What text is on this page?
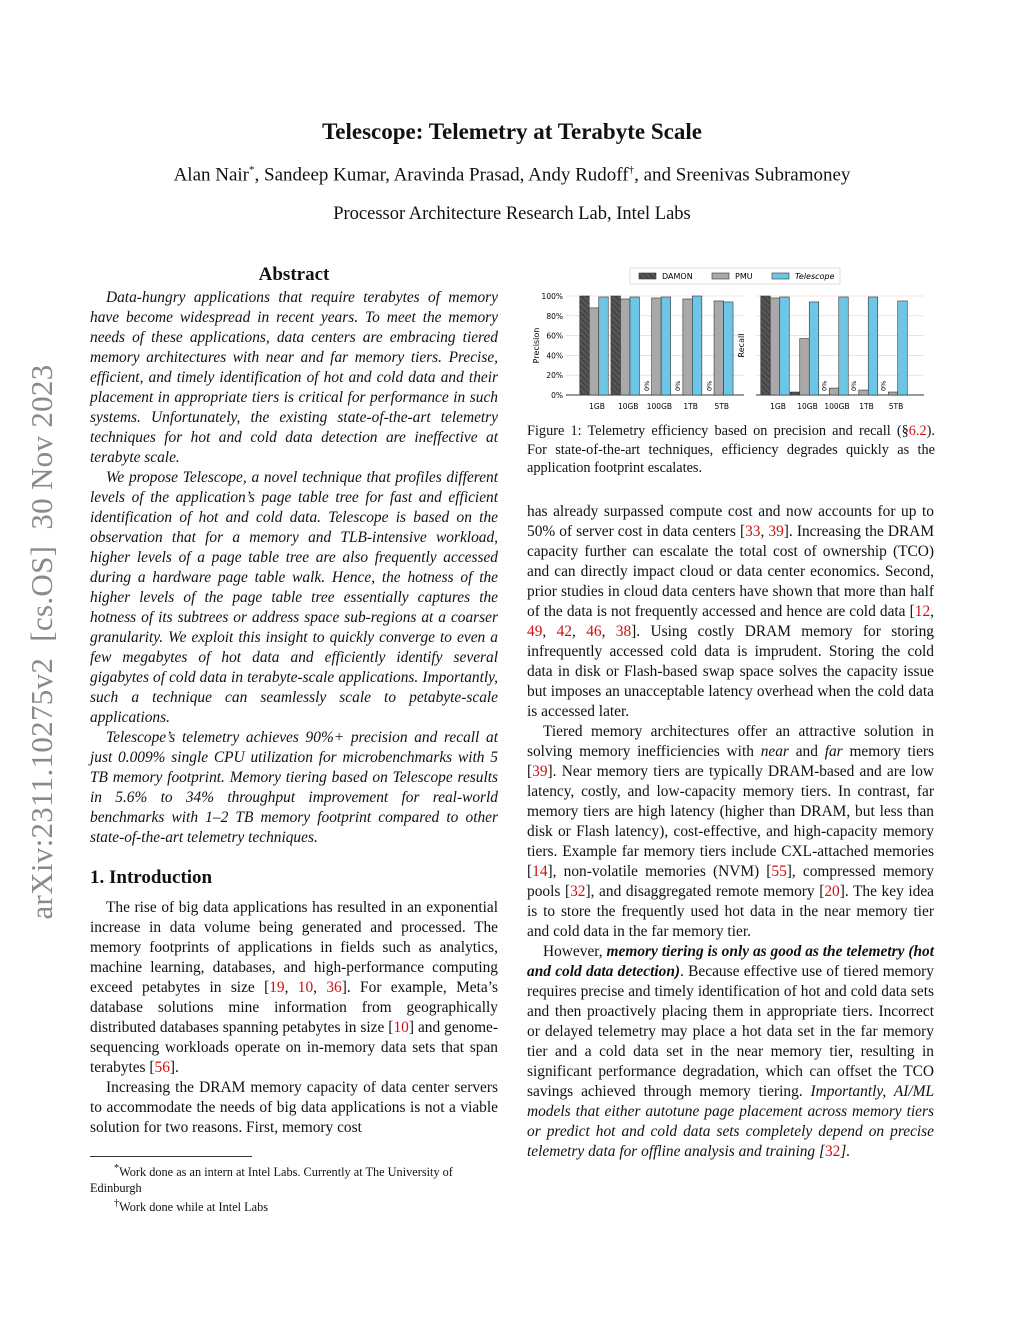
arXiv:2311.10275v2  [cs.OS]  30 Nov 2023
Telescope: Telemetry at Terabyte Scale
Alan Nair*, Sandeep Kumar, Aravinda Prasad, Andy Rudoff†, and Sreenivas Subramoney
Processor Architecture Research Lab, Intel Labs
Abstract

Data-hungry applications that require terabytes of memory have become widespread in recent years. To meet the memory needs of these applications, data centers are embracing tiered memory architectures with near and far memory tiers. Precise, efficient, and timely identification of hot and cold data and their placement in appropriate tiers is critical for performance in such systems. Unfortunately, the existing state-of-the-art telemetry techniques for hot and cold data detection are ineffective at terabyte scale.

We propose Telescope, a novel technique that profiles different levels of the application’s page table tree for fast and efficient identification of hot and cold data. Telescope is based on the observation that for a memory and TLB-intensive workload, higher levels of a page table tree are also frequently accessed during a hardware page table walk. Hence, the hotness of the higher levels of the page table tree essentially captures the hotness of its subtrees or address space sub-regions at a coarser granularity. We exploit this insight to quickly converge to even a few megabytes of hot data and efficiently identify several gigabytes of cold data in terabyte-scale applications. Importantly, such a technique can seamlessly scale to petabyte-scale applications.

Telescope’s telemetry achieves 90%+ precision and recall at just 0.009% single CPU utilization for microbenchmarks with 5 TB memory footprint. Memory tiering based on Telescope results in 5.6% to 34% throughput improvement for real-world benchmarks with 1–2 TB memory footprint compared to other state-of-the-art telemetry techniques.

1. Introduction

The rise of big data applications has resulted in an exponential increase in data volume being generated and processed. The memory footprints of applications in fields such as analytics, machine learning, databases, and high-performance computing exceed petabytes in size [19, 10, 36]. For example, Meta’s database solutions mine information from geographically distributed databases spanning petabytes in size [10] and genome-sequencing workloads operate on in-memory data sets that span terabytes [56].

Increasing the DRAM memory capacity of data center servers to accommodate the needs of big data applications is not a viable solution for two reasons. First, memory cost

*Work done as an intern at Intel Labs. Currently at The University of Edinburgh
†Work done while at Intel Labs
DAMON	PMU	Telescope
0%
20%
40%
60%
80%
100%
Precision
1GB 10GB 100GB
0%
1TB
0%
5TB
0%
Recall
1GB 10GB 100GB
0%
1TB
0%
5TB
0%
Figure 1: Telemetry efficiency based on precision and recall (§6.2). For state-of-the-art techniques, efficiency degrades quickly as the application footprint escalates.

has already surpassed compute cost and now accounts for up to 50% of server cost in data centers [33, 39]. Increasing the DRAM capacity further can escalate the total cost of ownership (TCO) and can directly impact cloud or data center economics. Second, prior studies in cloud data centers have shown that more than half of the data is not frequently accessed and hence are cold data [12, 49, 42, 46, 38]. Using costly DRAM memory for storing infrequently accessed cold data is imprudent. Storing the cold data in disk or Flash-based swap space solves the capacity issue but imposes an unacceptable latency overhead when the cold data is accessed later.

Tiered memory architectures offer an attractive solution in solving memory inefficiencies with near and far memory tiers [39]. Near memory tiers are typically DRAM-based and are low latency, costly, and low-capacity memory tiers. In contrast, far memory tiers are high latency (higher than DRAM, but less than disk or Flash latency), cost-effective, and high-capacity memory tiers. Example far memory tiers include CXL-attached memories [14], non-volatile memories (NVM) [55], compressed memory pools [32], and disaggregated remote memory [20]. The key idea is to store the frequently used hot data in the near memory tier and cold data in the far memory tier.

However, memory tiering is only as good as the telemetry (hot and cold data detection). Because effective use of tiered memory requires precise and timely identification of hot and cold data sets and then proactively placing them in appropriate tiers. Incorrect or delayed telemetry may place a hot data set in the far memory tier and a cold data set in the near memory tier, resulting in significant performance degradation, which can offset the TCO savings achieved through memory tiering. Importantly, AI/ML models that either autotune page placement across memory tiers or predict hot and cold data sets completely depend on precise telemetry data for offline analysis and training [32].
